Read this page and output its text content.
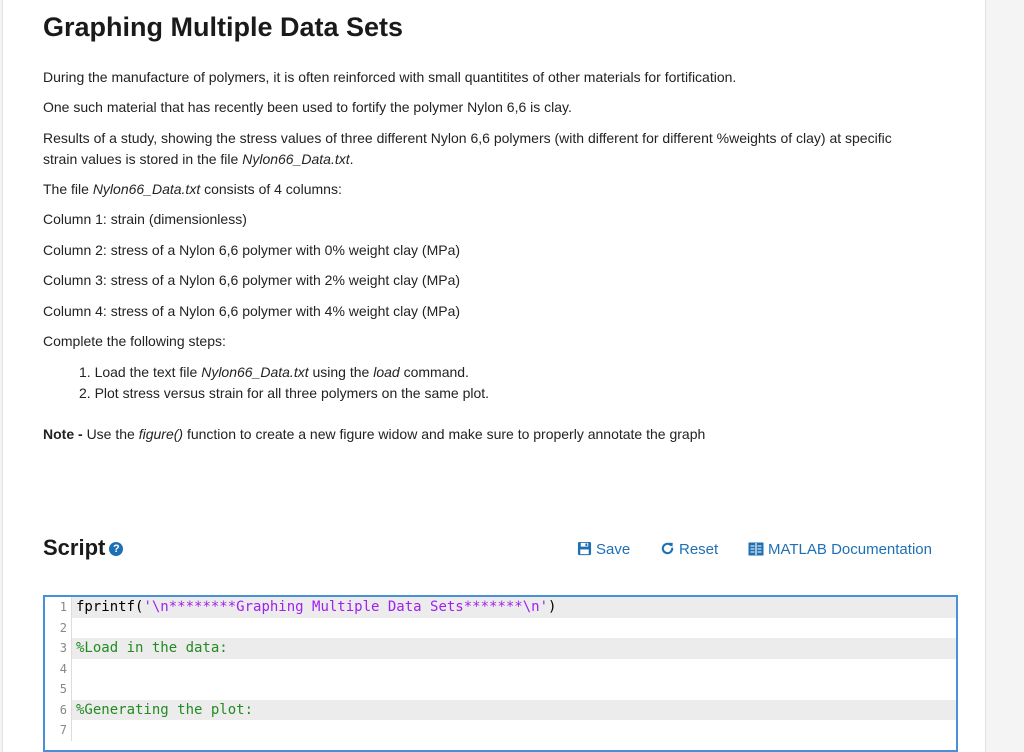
Graphing Multiple Data Sets

During the manufacture of polymers, it is often reinforced with small quantitites of other materials for fortification.

One such material that has recently been used to fortify the polymer Nylon 6,6 is clay.

Results of a study, showing the stress values of three different Nylon 6,6 polymers (with different for different %weights of clay) at specific strain values is stored in the file Nylon66_Data.txt.

The file Nylon66_Data.txt consists of 4 columns:

Column 1: strain (dimensionless)

Column 2: stress of a Nylon 6,6 polymer with 0% weight clay (MPa)

Column 3: stress of a Nylon 6,6 polymer with 2% weight clay (MPa)

Column 4: stress of a Nylon 6,6 polymer with 4% weight clay (MPa)

Complete the following steps:

1. Load the text file Nylon66_Data.txt using the load command.
2. Plot stress versus strain for all three polymers on the same plot.
Note - Use the figure() function to create a new figure widow and make sure to properly annotate the graph
Script ?	Save	Reset	MATLAB Documentation
1 fprintf('\n********Graphing Multiple Data Sets*******\n')
2
3 %Load in the data:
4
5
6 %Generating the plot:
7
